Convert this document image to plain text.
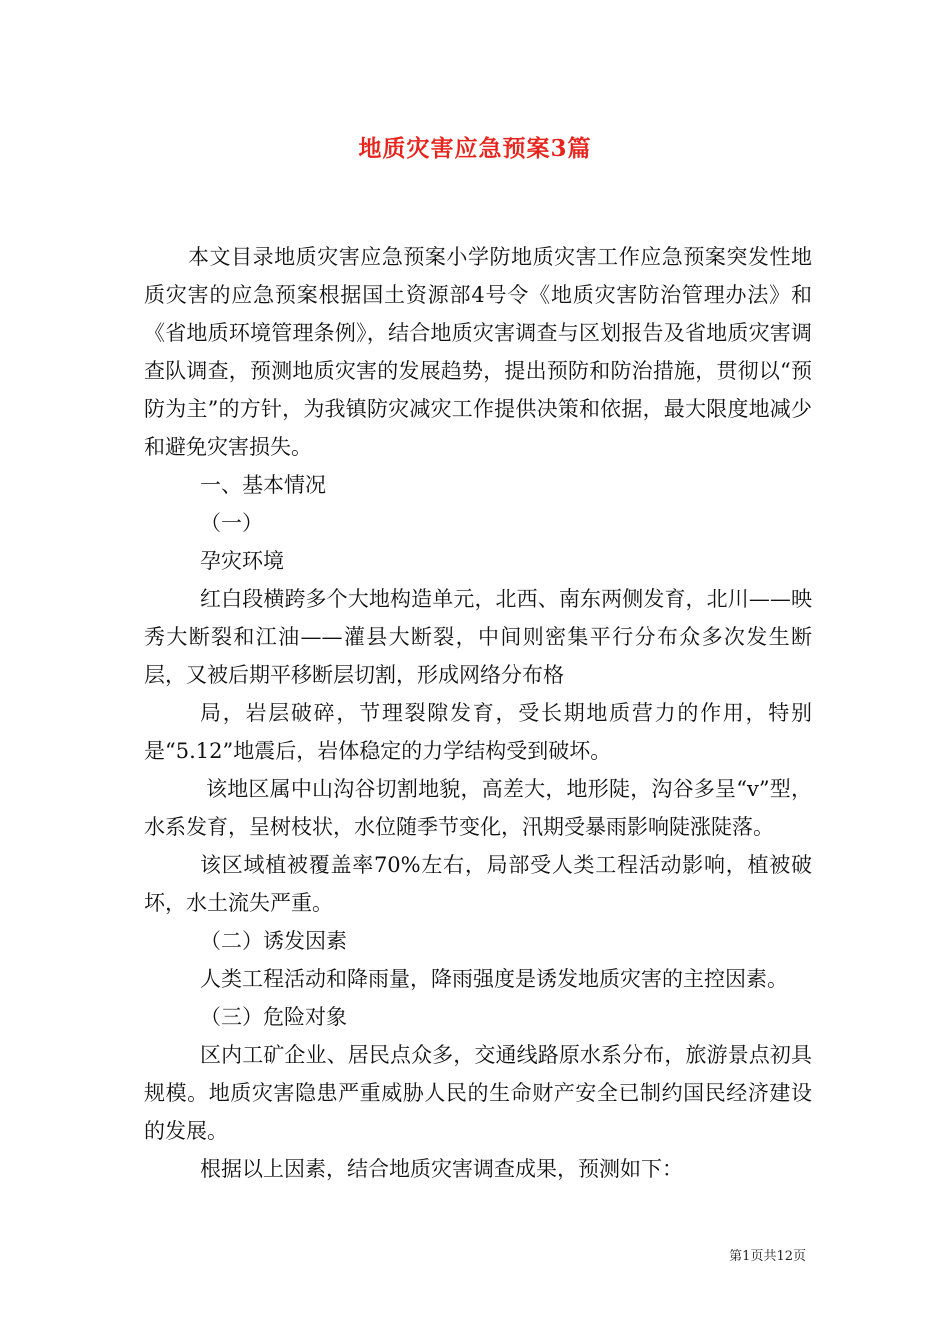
地质灾害应急预案3篇

本文目录地质灾害应急预案小学防地质灾害工作应急预案突发性地质灾害的应急预案根据国土资源部4号令《地质灾害防治管理办法》和《省地质环境管理条例》，结合地质灾害调查与区划报告及省地质灾害调查队调查，预测地质灾害的发展趋势，提出预防和防治措施，贯彻以“预防为主”的方针，为我镇防灾减灾工作提供决策和依据，最大限度地减少和避免灾害损失。

一、基本情况

（一）

孕灾环境

红白段横跨多个大地构造单元，北西、南东两侧发育，北川——映秀大断裂和江油——灌县大断裂，中间则密集平行分布众多次发生断层，又被后期平移断层切割，形成网络分布格

局，岩层破碎，节理裂隙发育，受长期地质营力的作用，特别是“5.12”地震后，岩体稳定的力学结构受到破坏。

该地区属中山沟谷切割地貌，高差大，地形陡，沟谷多呈“v”型，水系发育，呈树枝状，水位随季节变化，汛期受暴雨影响陡涨陡落。

该区域植被覆盖率70%左右，局部受人类工程活动影响，植被破坏，水土流失严重。

（二）诱发因素

人类工程活动和降雨量，降雨强度是诱发地质灾害的主控因素。

（三）危险对象

区内工矿企业、居民点众多，交通线路原水系分布，旅游景点初具规模。地质灾害隐患严重威胁人民的生命财产安全已制约国民经济建设的发展。

根据以上因素，结合地质灾害调查成果，预测如下：

第1页共12页
